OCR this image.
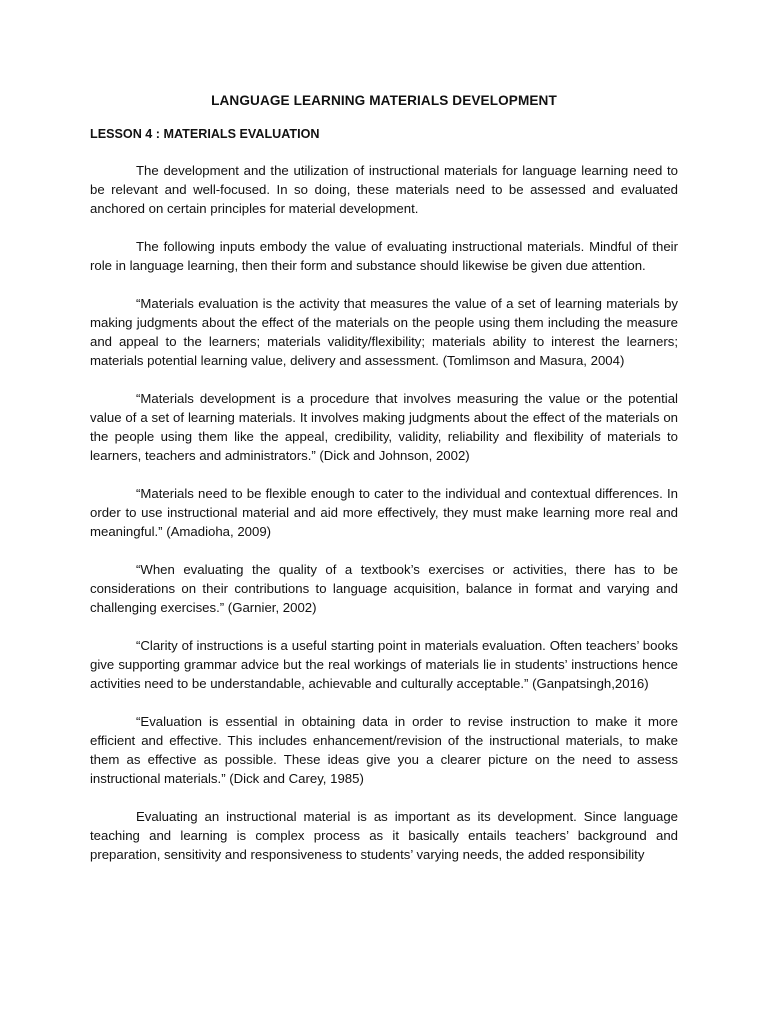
LANGUAGE LEARNING MATERIALS DEVELOPMENT
LESSON 4 : MATERIALS EVALUATION

The development and the utilization of instructional materials for language learning need to be relevant and well-focused. In so doing, these materials need to be assessed and evaluated anchored on certain principles for material development.

The following inputs embody the value of evaluating instructional materials. Mindful of their role in language learning, then their form and substance should likewise be given due attention.

“Materials evaluation is the activity that measures the value of a set of learning materials by making judgments about the effect of the materials on the people using them including the measure and appeal to the learners; materials validity/flexibility; materials ability to interest the learners; materials potential learning value, delivery and assessment. (Tomlimson and Masura, 2004)

“Materials development is a procedure that involves measuring the value or the potential value of a set of learning materials. It involves making judgments about the effect of the materials on the people using them like the appeal, credibility, validity, reliability and flexibility of materials to learners, teachers and administrators.” (Dick and Johnson, 2002)

“Materials need to be flexible enough to cater to the individual and contextual differences. In order to use instructional material and aid more effectively, they must make learning more real and meaningful.” (Amadioha, 2009)

“When evaluating the quality of a textbook’s exercises or activities, there has to be considerations on their contributions to language acquisition, balance in format and varying and challenging exercises.” (Garnier, 2002)

“Clarity of instructions is a useful starting point in materials evaluation. Often teachers’ books give supporting grammar advice but the real workings of materials lie in students’ instructions hence activities need to be understandable, achievable and culturally acceptable.” (Ganpatsingh,2016)

“Evaluation is essential in obtaining data in order to revise instruction to make it more efficient and effective. This includes enhancement/revision of the instructional materials, to make them as effective as possible. These ideas give you a clearer picture on the need to assess instructional materials.” (Dick and Carey, 1985)

Evaluating an instructional material is as important as its development. Since language teaching and learning is complex process as it basically entails teachers’ background and preparation, sensitivity and responsiveness to students’ varying needs, the added responsibility
